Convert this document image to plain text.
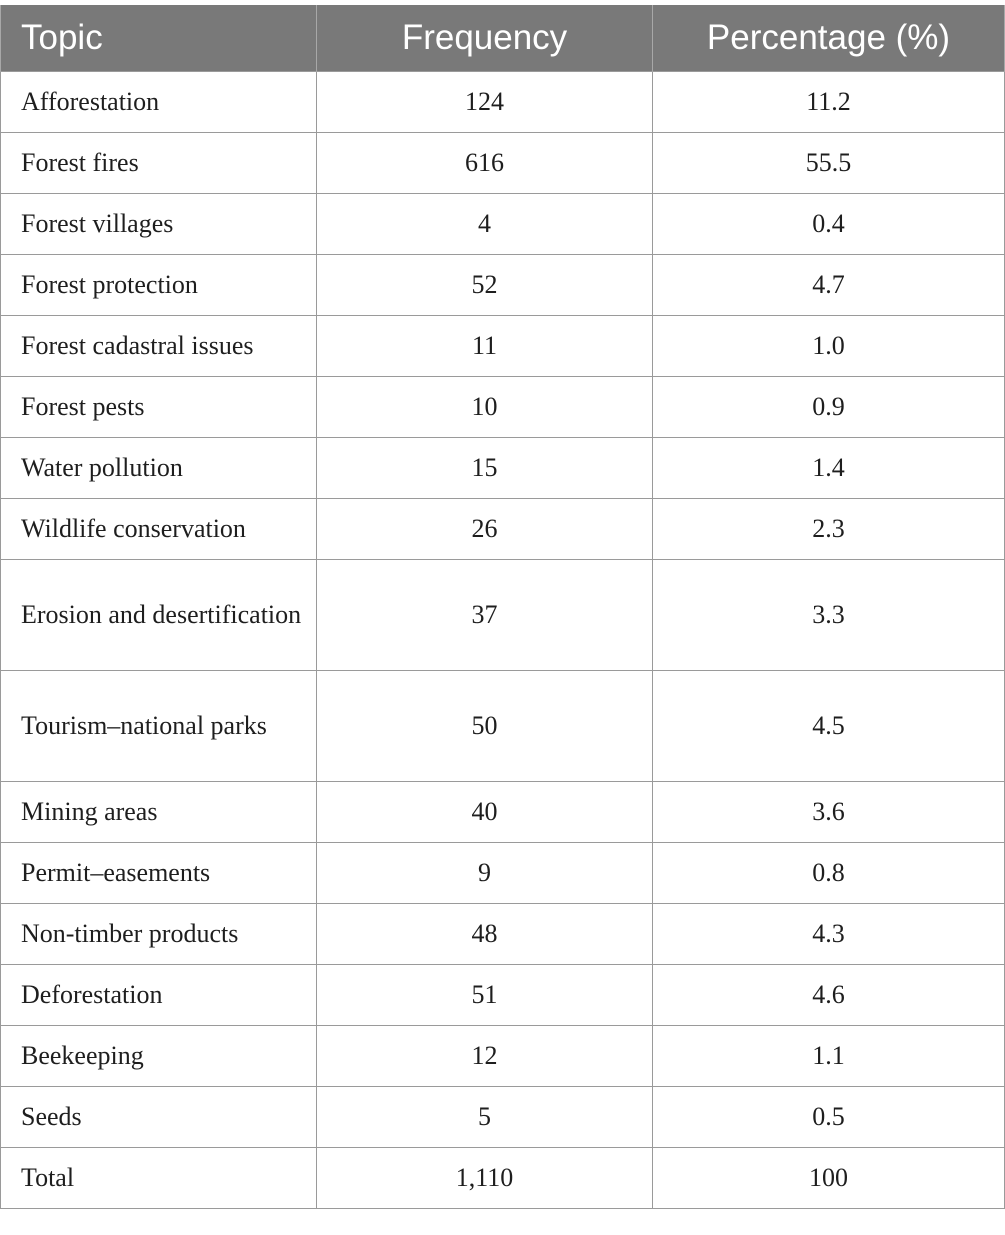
Topic	Frequency	Percentage (%)
Afforestation	124	11.2
Forest fires	616	55.5
Forest villages	4	0.4
Forest protection	52	4.7
Forest cadastral issues	11	1.0
Forest pests	10	0.9
Water pollution	15	1.4
Wildlife conservation	26	2.3
Erosion and desertification	37	3.3
Tourism–national parks	50	4.5
Mining areas	40	3.6
Permit–easements	9	0.8
Non-timber products	48	4.3
Deforestation	51	4.6
Beekeeping	12	1.1
Seeds	5	0.5
Total	1,110	100
